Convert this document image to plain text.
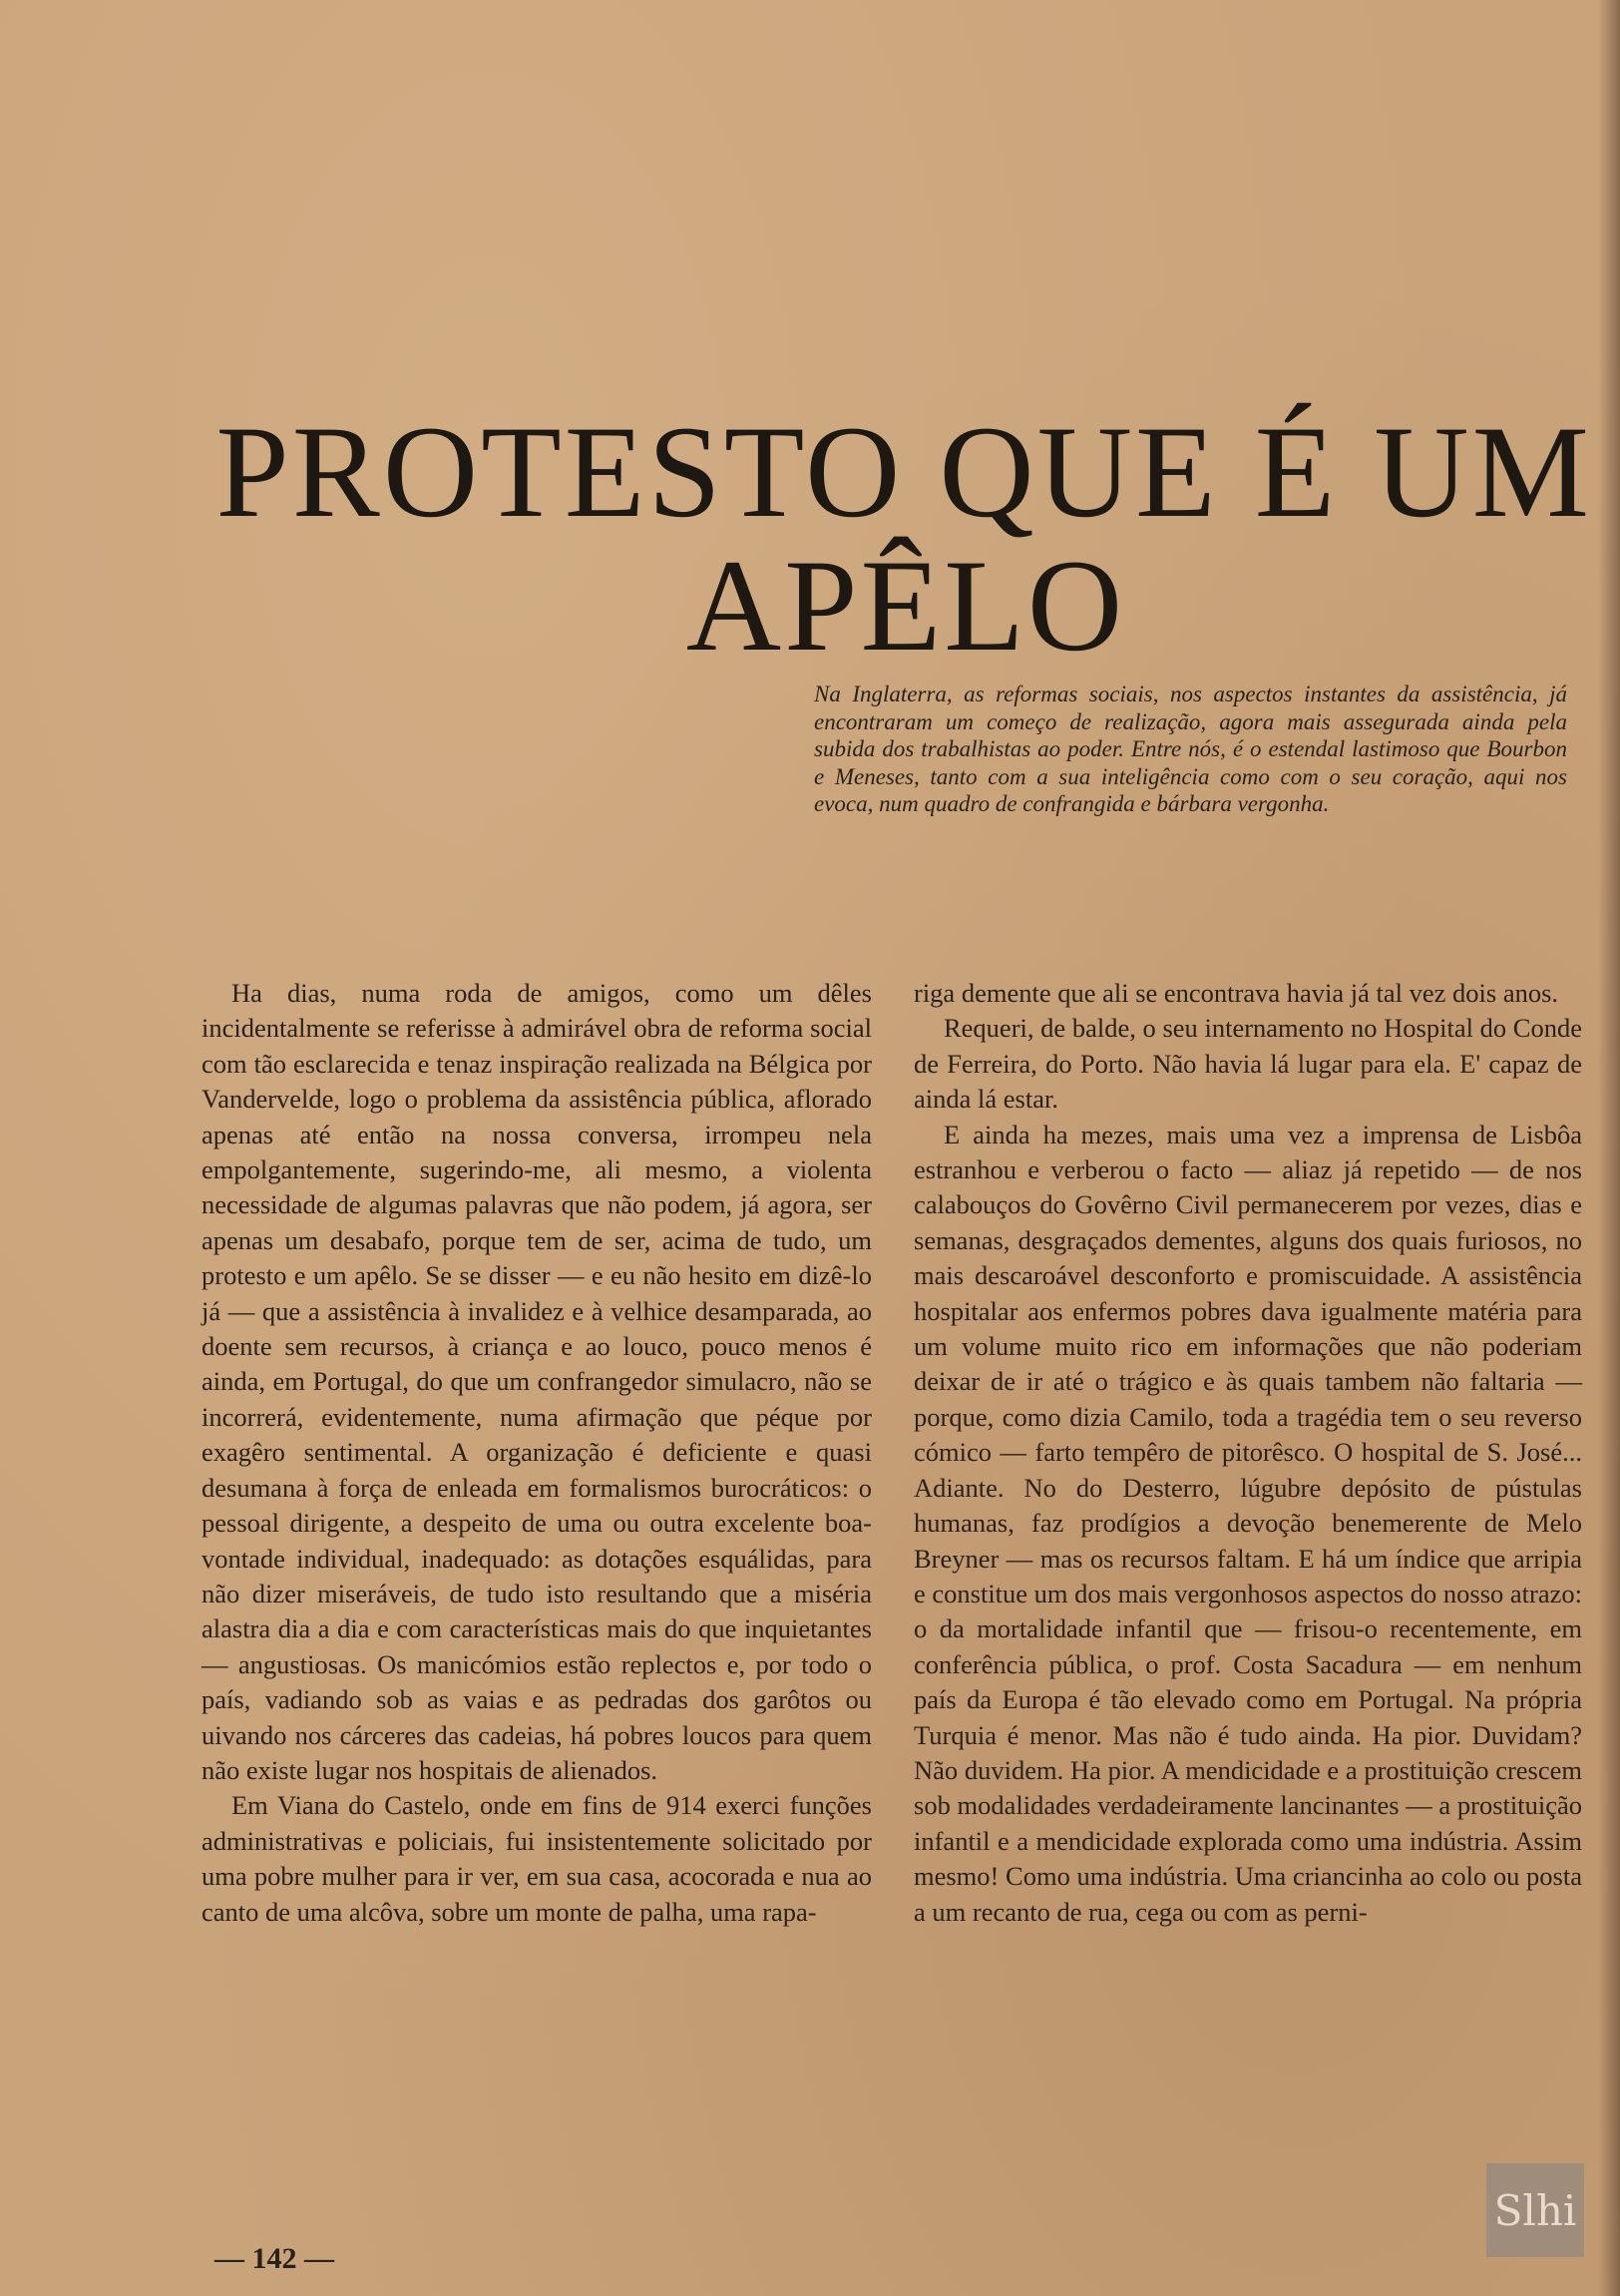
PROTESTO QUE É UM
APÊLO
Na Inglaterra, as reformas sociais, nos aspectos instantes da assistência, já encontraram um começo de realização, agora mais assegurada ainda pela subida dos trabalhistas ao poder. Entre nós, é o estendal lastimoso que Bourbon e Meneses, tanto com a sua inteligência como com o seu coração, aqui nos evoca, num quadro de confrangida e bárbara vergonha.

Ha dias, numa roda de amigos, como um dêles incidentalmente se referisse à admirável obra de reforma social com tão esclarecida e tenaz inspiração realizada na Bélgica por Vandervelde, logo o problema da assistência pública, aflorado apenas até então na nossa conversa, irrompeu nela empolgantemente, sugerindo-me, ali mesmo, a violenta necessidade de algumas palavras que não podem, já agora, ser apenas um desabafo, porque tem de ser, acima de tudo, um protesto e um apêlo. Se se disser — e eu não hesito em dizê-lo já — que a assistência à invalidez e à velhice desamparada, ao doente sem recursos, à criança e ao louco, pouco menos é ainda, em Portugal, do que um confrangedor simulacro, não se incorrerá, evidentemente, numa afirmação que péque por exagêro sentimental. A organização é deficiente e quasi desumana à força de enleada em formalismos burocráticos: o pessoal dirigente, a despeito de uma ou outra excelente boa-vontade individual, inadequado: as dotações esquálidas, para não dizer miseráveis, de tudo isto resultando que a miséria alastra dia a dia e com características mais do que inquietantes — angustiosas. Os manicómios estão replectos e, por todo o país, vadiando sob as vaias e as pedradas dos garôtos ou uivando nos cárceres das cadeias, há pobres loucos para quem não existe lugar nos hospitais de alienados.

Em Viana do Castelo, onde em fins de 914 exerci funções administrativas e policiais, fui insistentemente solicitado por uma pobre mulher para ir ver, em sua casa, acocorada e nua ao canto de uma alcôva, sobre um monte de palha, uma rapa-

riga demente que ali se encontrava havia já tal vez dois anos.

Requeri, de balde, o seu internamento no Hospital do Conde de Ferreira, do Porto. Não havia lá lugar para ela. E' capaz de ainda lá estar.

E ainda ha mezes, mais uma vez a imprensa de Lisbôa estranhou e verberou o facto — aliaz já repetido — de nos calabouços do Govêrno Civil permanecerem por vezes, dias e semanas, desgraçados dementes, alguns dos quais furiosos, no mais descaroável desconforto e promiscuidade. A assistência hospitalar aos enfermos pobres dava igualmente matéria para um volume muito rico em informações que não poderiam deixar de ir até o trágico e às quais tambem não faltaria — porque, como dizia Camilo, toda a tragédia tem o seu reverso cómico — farto tempêro de pitorêsco. O hospital de S. José... Adiante. No do Desterro, lúgubre depósito de pústulas humanas, faz prodígios a devoção benemerente de Melo Breyner — mas os recursos faltam. E há um índice que arripia e constitue um dos mais vergonhosos aspectos do nosso atrazo: o da mortalidade infantil que — frisou-o recentemente, em conferência pública, o prof. Costa Sacadura — em nenhum país da Europa é tão elevado como em Portugal. Na própria Turquia é menor. Mas não é tudo ainda. Ha pior. Duvidam? Não duvidem. Ha pior. A mendicidade e a prostituição crescem sob modalidades verdadeiramente lancinantes — a prostituição infantil e a mendicidade explorada como uma indústria. Assim mesmo! Como uma indústria. Uma criancinha ao colo ou posta a um recanto de rua, cega ou com as perni-

— 142 —
Slhi
